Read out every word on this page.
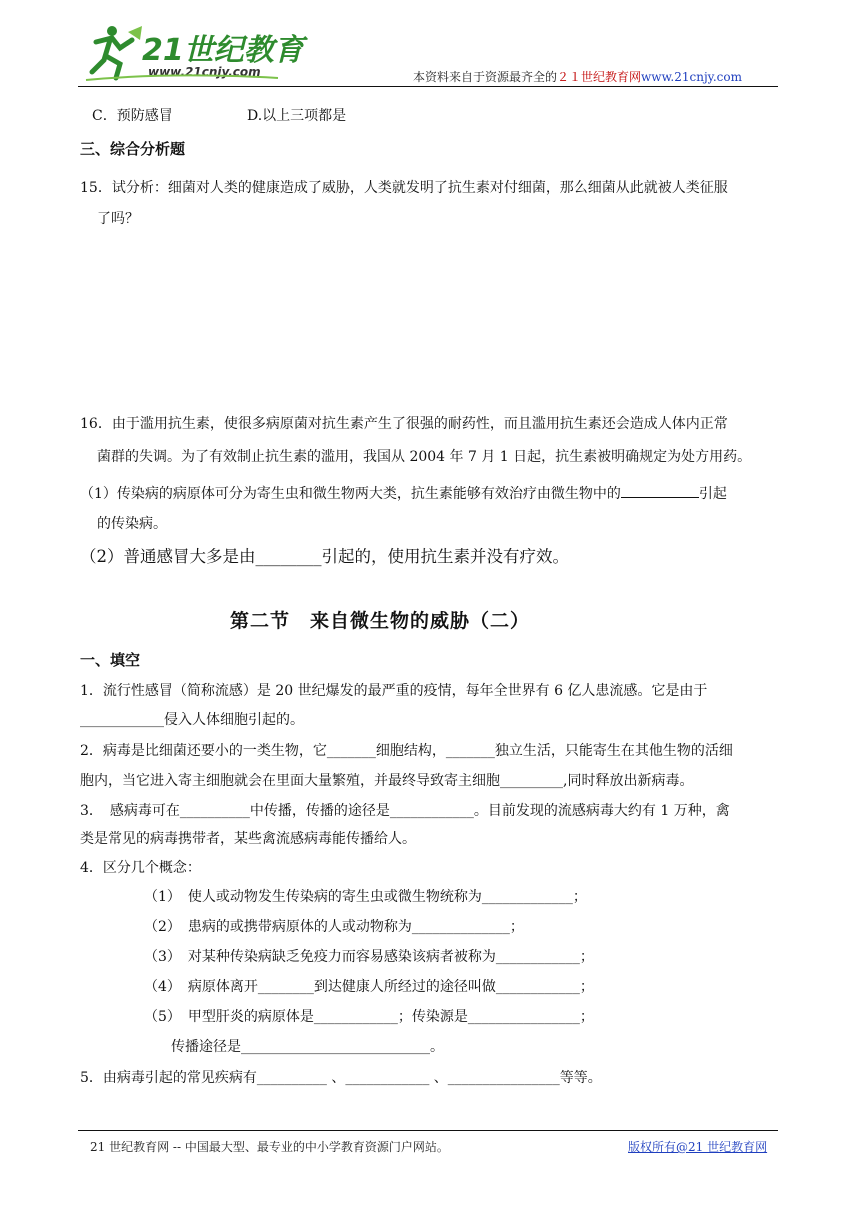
21世纪教育
www.21cnjy.com	本资料来自于资源最齐全的２１世纪教育网www.21cnjy.com
C．预防感冒	D.以上三项都是
三、综合分析题
15．试分析：细菌对人类的健康造成了威胁，人类就发明了抗生素对付细菌，那么细菌从此就被人类征服
了吗？
16．由于滥用抗生素，使很多病原菌对抗生素产生了很强的耐药性，而且滥用抗生素还会造成人体内正常
菌群的失调。为了有效制止抗生素的滥用，我国从 2004 年 7 月 1 日起，抗生素被明确规定为处方用药。
（1）传染病的病原体可分为寄生虫和微生物两大类，抗生素能够有效治疗由微生物中的	引起
的传染病。
（2）普通感冒大多是由________引起的，使用抗生素并没有疗效。
第二节　来自微生物的威胁（二）
一、填空
1．流行性感冒（简称流感）是 20 世纪爆发的最严重的疫情，每年全世界有 6 亿人患流感。它是由于
____________侵入人体细胞引起的。
2．病毒是比细菌还要小的一类生物，它_______细胞结构，_______独立生活，只能寄生在其他生物的活细
胞内，当它进入寄主细胞就会在里面大量繁殖，并最终导致寄主细胞_________,同时释放出新病毒。
3．　感病毒可在__________中传播，传播的途径是____________。目前发现的流感病毒大约有 1 万种，禽
类是常见的病毒携带者，某些禽流感病毒能传播给人。
4．区分几个概念：
（1）　使人或动物发生传染病的寄生虫或微生物统称为_____________；
（2）　患病的或携带病原体的人或动物称为______________；
（3）　对某种传染病缺乏免疫力而容易感染该病者被称为____________；
（4）　病原体离开________到达健康人所经过的途径叫做____________；
（5）　甲型肝炎的病原体是____________；传染源是________________；
传播途径是___________________________。
5．由病毒引起的常见疾病有__________ 、____________ 、________________等等。
21 世纪教育网 -- 中国最大型、最专业的中小学教育资源门户网站。	版权所有@21 世纪教育网
